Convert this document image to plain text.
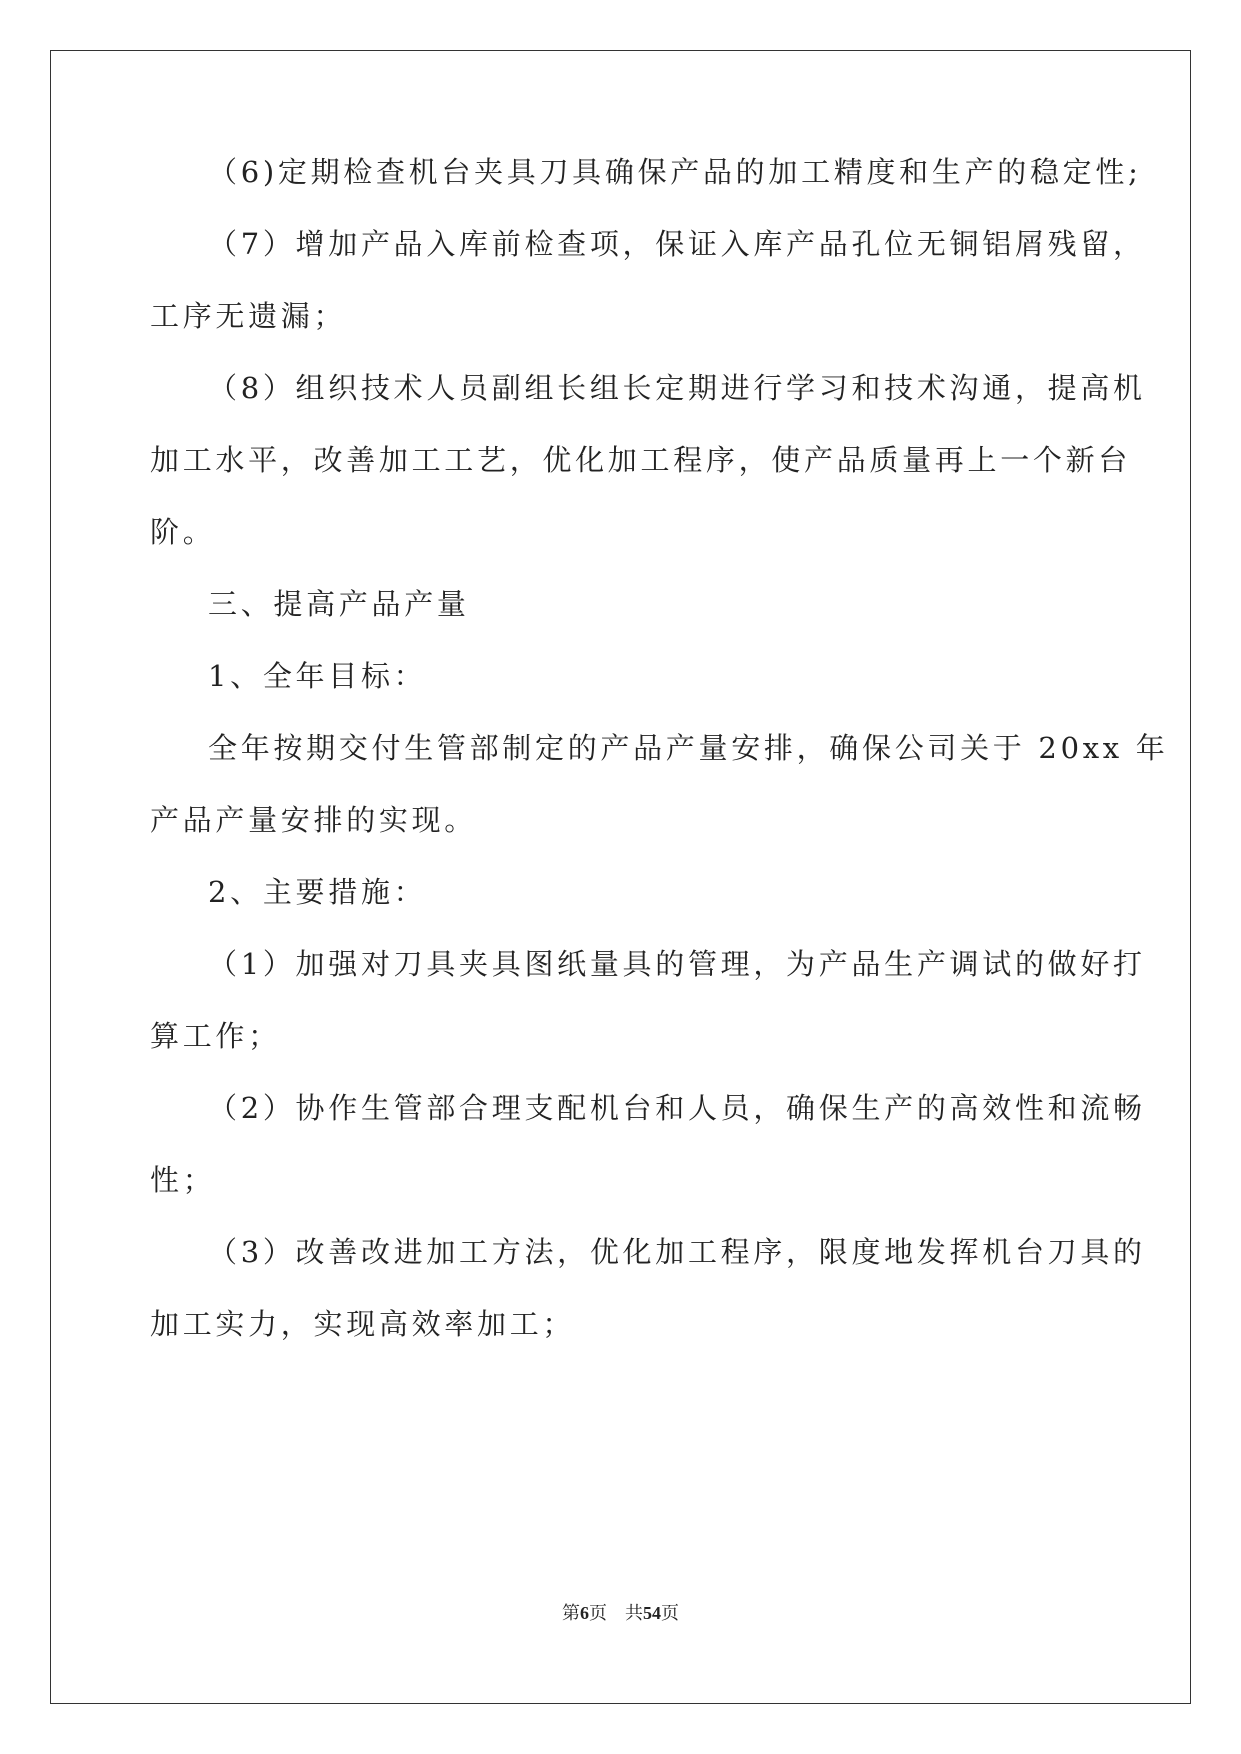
（6)定期检查机台夹具刀具确保产品的加工精度和生产的稳定性;
（7）增加产品入库前检查项，保证入库产品孔位无铜铝屑残留，
工序无遗漏；
（8）组织技术人员副组长组长定期进行学习和技术沟通，提高机
加工水平，改善加工工艺，优化加工程序，使产品质量再上一个新台
阶。
三、提高产品产量
1、全年目标：
全年按期交付生管部制定的产品产量安排，确保公司关于 20xx 年
产品产量安排的实现。
2、主要措施：
（1）加强对刀具夹具图纸量具的管理，为产品生产调试的做好打
算工作；
（2）协作生管部合理支配机台和人员，确保生产的高效性和流畅
性；
（3）改善改进加工方法，优化加工程序，限度地发挥机台刀具的
加工实力，实现高效率加工；
第6页　共54页
